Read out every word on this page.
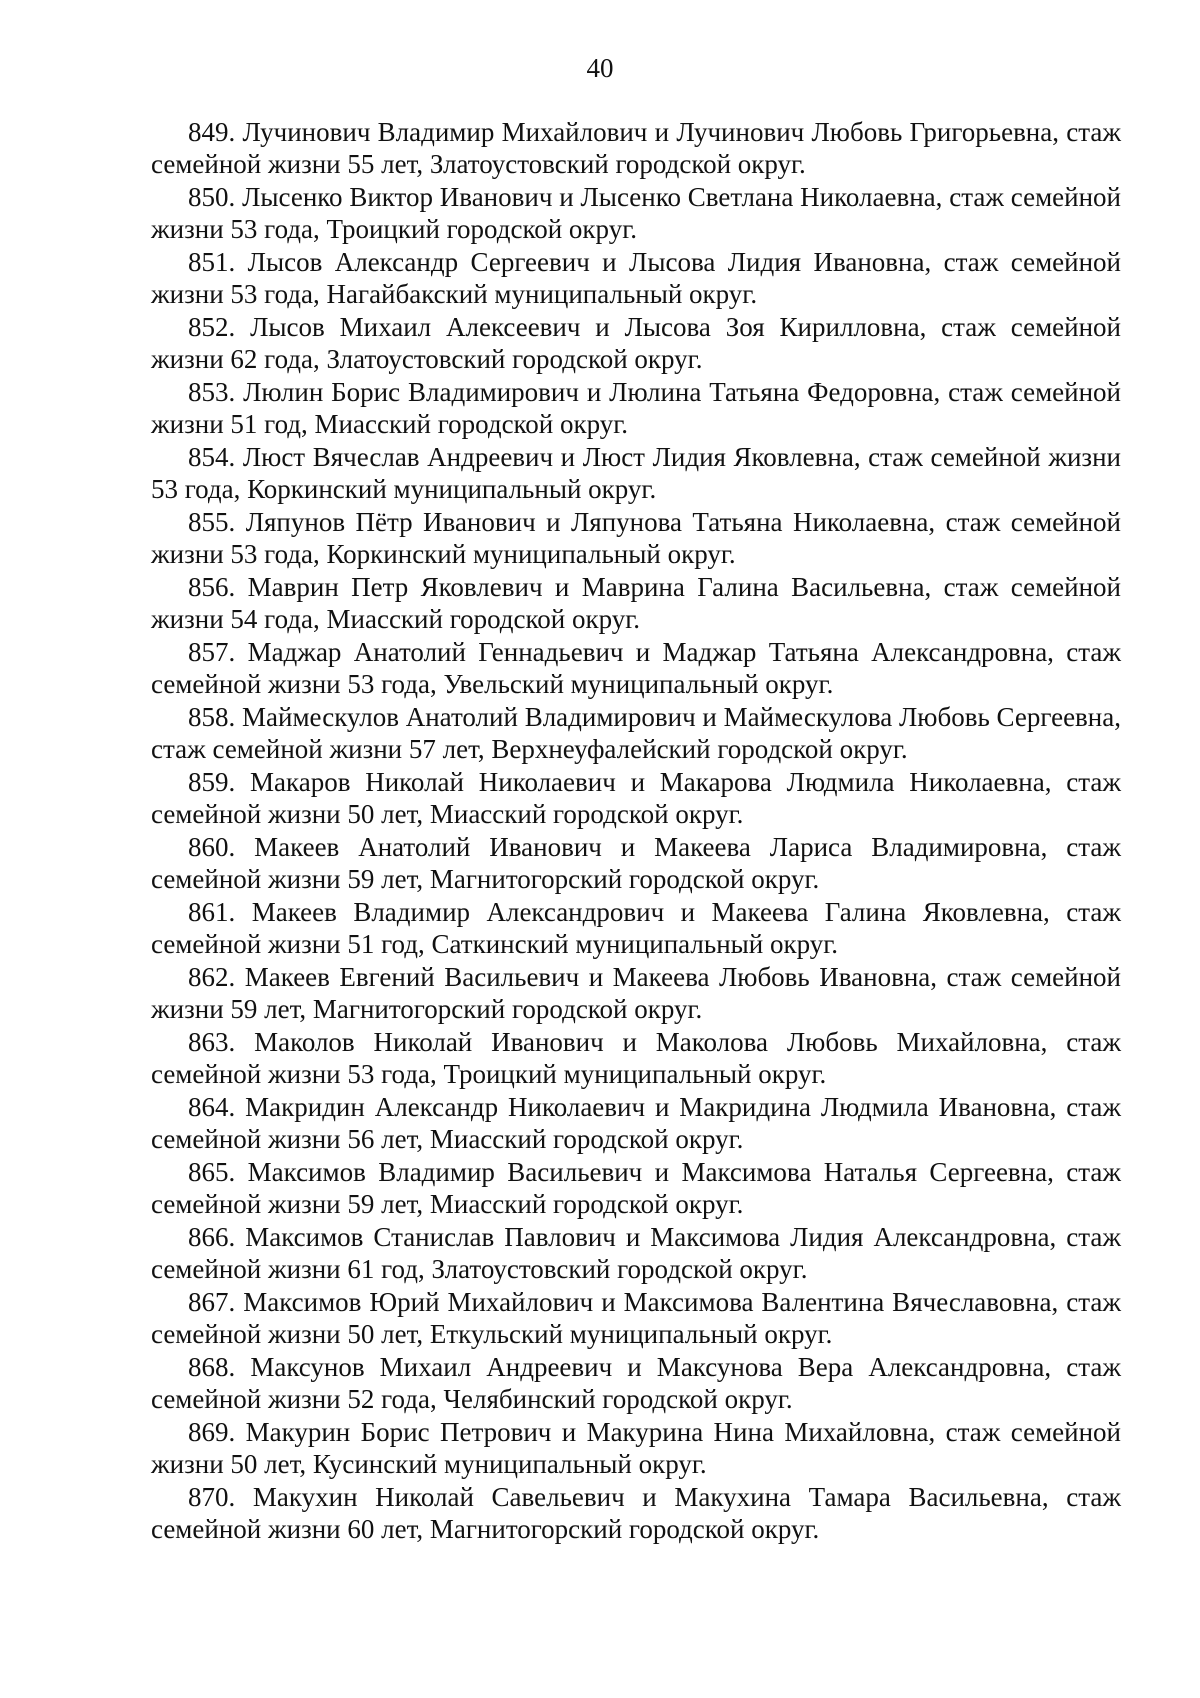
40

849. Лучинович Владимир Михайлович и Лучинович Любовь Григорьевна, стаж семейной жизни 55 лет, Златоустовский городской округ.

850. Лысенко Виктор Иванович и Лысенко Светлана Николаевна, стаж семейной жизни 53 года, Троицкий городской округ.

851. Лысов Александр Сергеевич и Лысова Лидия Ивановна, стаж семейной жизни 53 года, Нагайбакский муниципальный округ.

852. Лысов Михаил Алексеевич и Лысова Зоя Кирилловна, стаж семейной жизни 62 года, Златоустовский городской округ.

853. Люлин Борис Владимирович и Люлина Татьяна Федоровна, стаж семейной жизни 51 год, Миасский городской округ.

854. Люст Вячеслав Андреевич и Люст Лидия Яковлевна, стаж семейной жизни 53 года, Коркинский муниципальный округ.

855. Ляпунов Пётр Иванович и Ляпунова Татьяна Николаевна, стаж семейной жизни 53 года, Коркинский муниципальный округ.

856. Маврин Петр Яковлевич и Маврина Галина Васильевна, стаж семейной жизни 54 года, Миасский городской округ.

857. Маджар Анатолий Геннадьевич и Маджар Татьяна Александровна, стаж семейной жизни 53 года, Увельский муниципальный округ.

858. Маймескулов Анатолий Владимирович и Маймескулова Любовь Сергеевна, стаж семейной жизни 57 лет, Верхнеуфалейский городской округ.

859. Макаров Николай Николаевич и Макарова Людмила Николаевна, стаж семейной жизни 50 лет, Миасский городской округ.

860. Макеев Анатолий Иванович и Макеева Лариса Владимировна, стаж семейной жизни 59 лет, Магнитогорский городской округ.

861. Макеев Владимир Александрович и Макеева Галина Яковлевна, стаж семейной жизни 51 год, Саткинский муниципальный округ.

862. Макеев Евгений Васильевич и Макеева Любовь Ивановна, стаж семейной жизни 59 лет, Магнитогорский городской округ.

863. Маколов Николай Иванович и Маколова Любовь Михайловна, стаж семейной жизни 53 года, Троицкий муниципальный округ.

864. Макридин Александр Николаевич и Макридина Людмила Ивановна, стаж семейной жизни 56 лет, Миасский городской округ.

865. Максимов Владимир Васильевич и Максимова Наталья Сергеевна, стаж семейной жизни 59 лет, Миасский городской округ.

866. Максимов Станислав Павлович и Максимова Лидия Александровна, стаж семейной жизни 61 год, Златоустовский городской округ.

867. Максимов Юрий Михайлович и Максимова Валентина Вячеславовна, стаж семейной жизни 50 лет, Еткульский муниципальный округ.

868. Максунов Михаил Андреевич и Максунова Вера Александровна, стаж семейной жизни 52 года, Челябинский городской округ.

869. Макурин Борис Петрович и Макурина Нина Михайловна, стаж семейной жизни 50 лет, Кусинский муниципальный округ.

870. Макухин Николай Савельевич и Макухина Тамара Васильевна, стаж семейной жизни 60 лет, Магнитогорский городской округ.
